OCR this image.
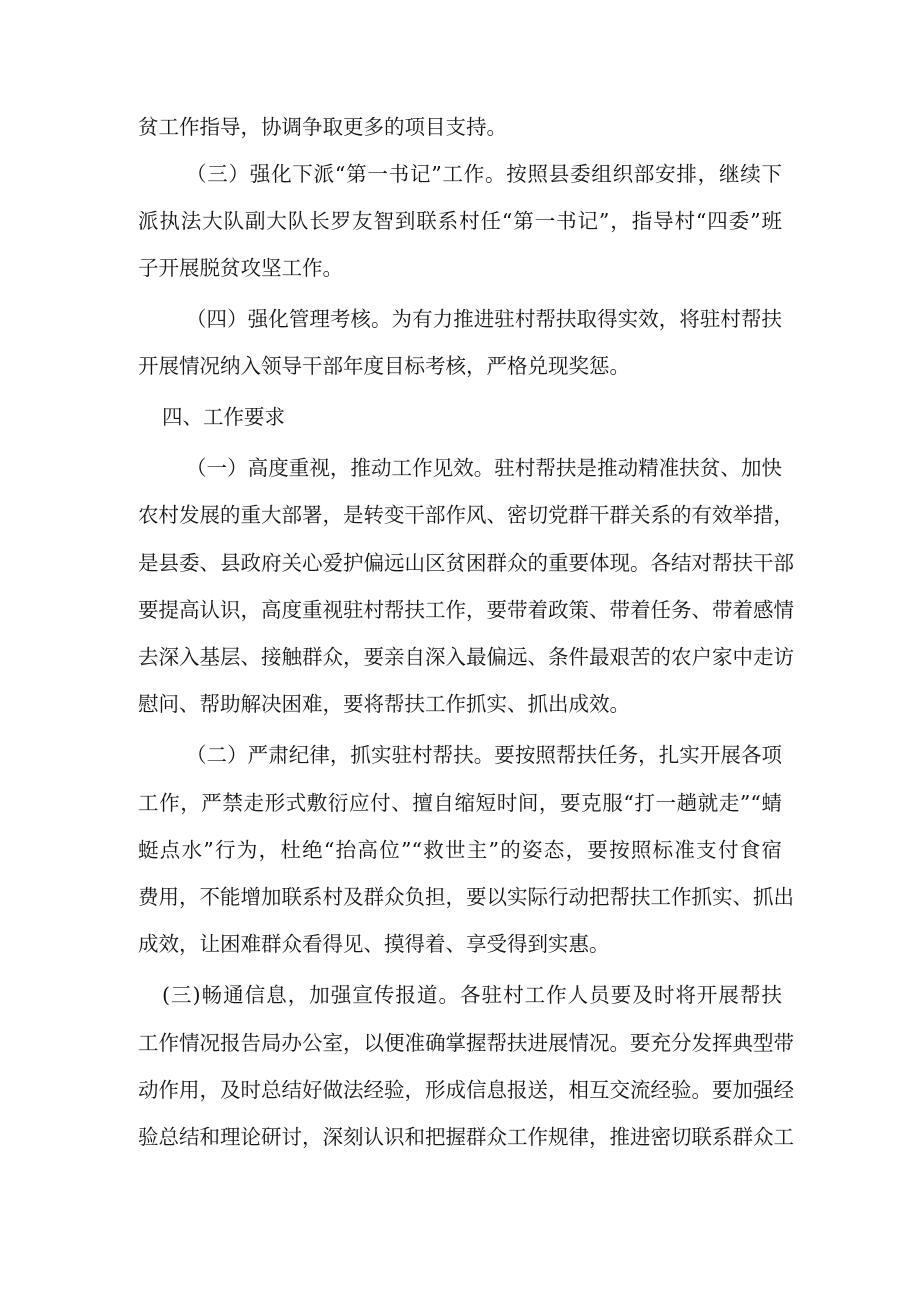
贫工作指导，协调争取更多的项目支持。
（三）强化下派“第一书记”工作。按照县委组织部安排，继续下
派执法大队副大队长罗友智到联系村任“第一书记”，指导村“四委”班
子开展脱贫攻坚工作。
（四）强化管理考核。为有力推进驻村帮扶取得实效，将驻村帮扶
开展情况纳入领导干部年度目标考核，严格兑现奖惩。
四、工作要求
（一）高度重视，推动工作见效。驻村帮扶是推动精准扶贫、加快
农村发展的重大部署，是转变干部作风、密切党群干群关系的有效举措，
是县委、县政府关心爱护偏远山区贫困群众的重要体现。各结对帮扶干部
要提高认识，高度重视驻村帮扶工作，要带着政策、带着任务、带着感情
去深入基层、接触群众，要亲自深入最偏远、条件最艰苦的农户家中走访
慰问、帮助解决困难，要将帮扶工作抓实、抓出成效。
（二）严肃纪律，抓实驻村帮扶。要按照帮扶任务，扎实开展各项
工作，严禁走形式敷衍应付、擅自缩短时间，要克服“打一趟就走”“蜻
蜓点水”行为，杜绝“抬高位”“救世主”的姿态，要按照标准支付食宿
费用，不能增加联系村及群众负担，要以实际行动把帮扶工作抓实、抓出
成效，让困难群众看得见、摸得着、享受得到实惠。
(三)畅通信息，加强宣传报道。各驻村工作人员要及时将开展帮扶
工作情况报告局办公室，以便准确掌握帮扶进展情况。要充分发挥典型带
动作用，及时总结好做法经验，形成信息报送，相互交流经验。要加强经
验总结和理论研讨，深刻认识和把握群众工作规律，推进密切联系群众工
